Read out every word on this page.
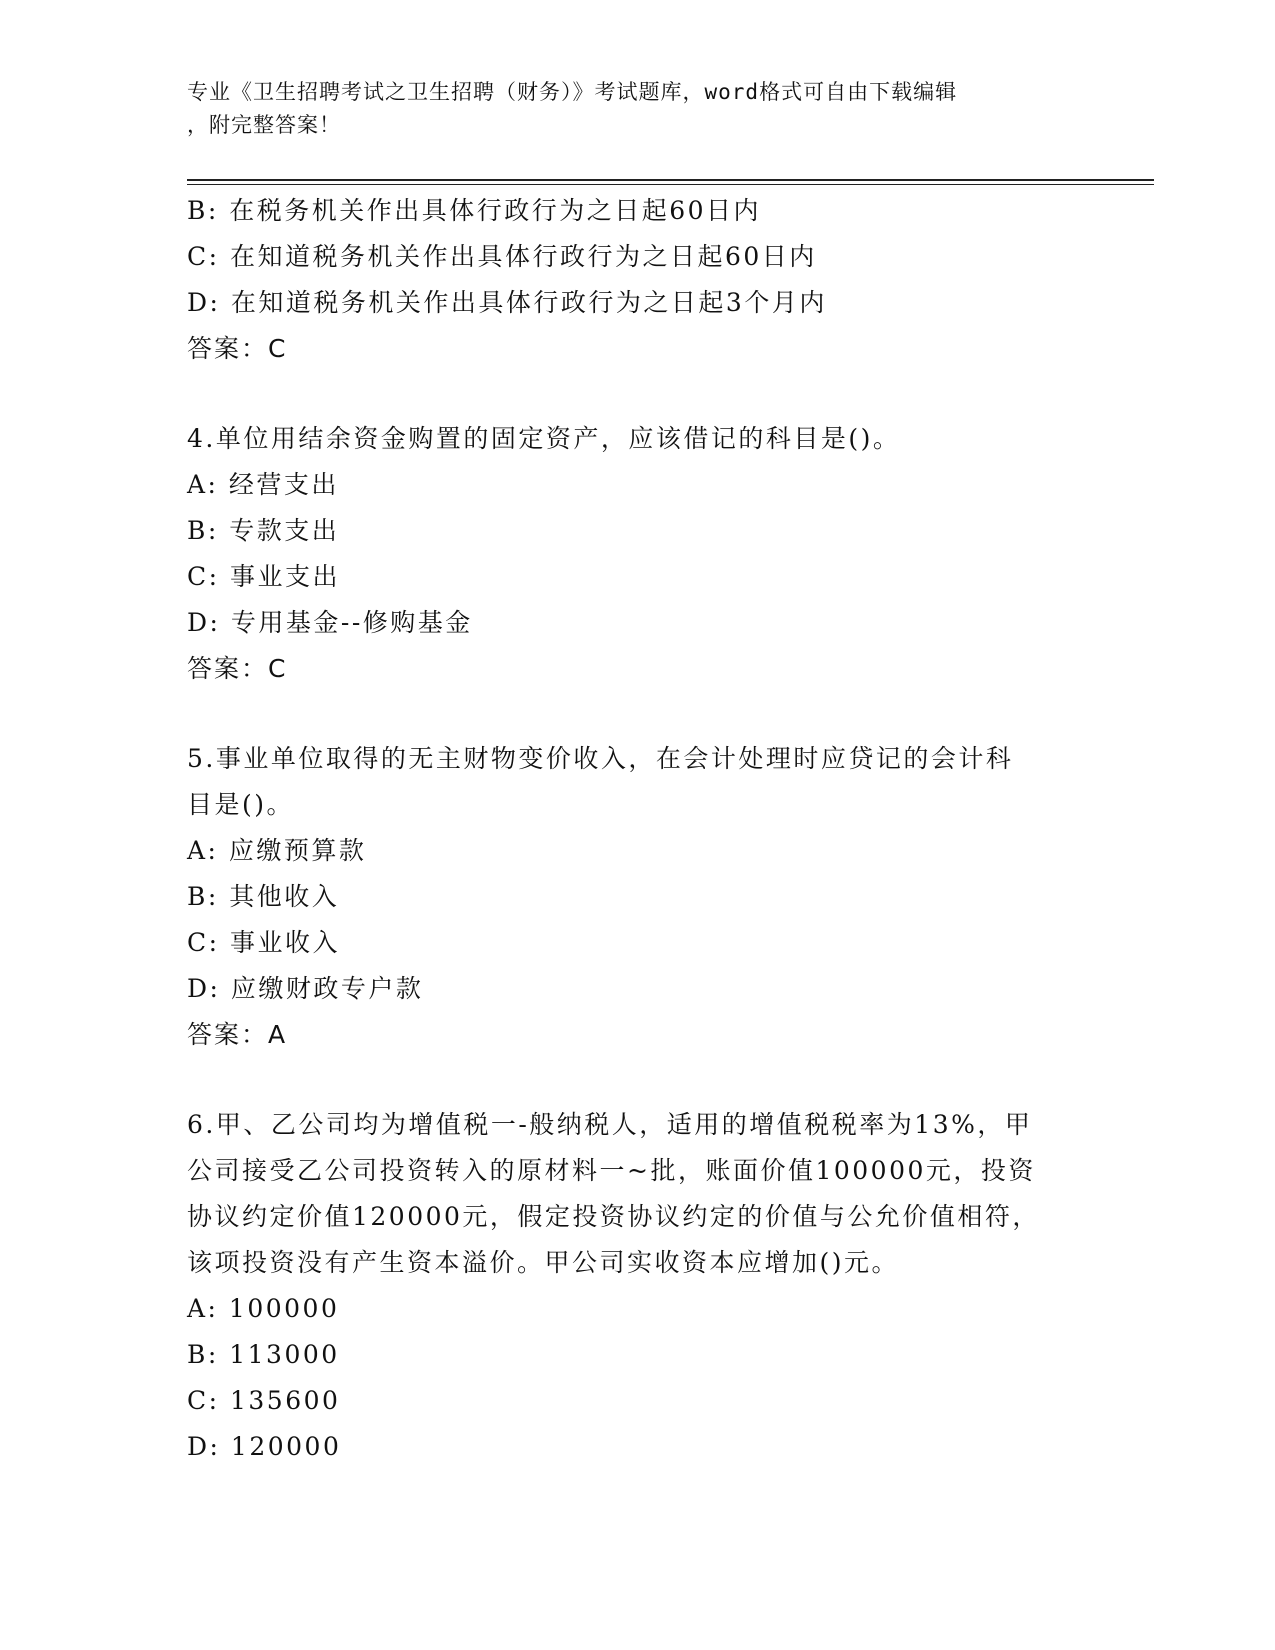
专业《卫生招聘考试之卫生招聘（财务）》考试题库，word格式可自由下载编辑
，附完整答案！
B: 在税务机关作出具体行政行为之日起60日内
C: 在知道税务机关作出具体行政行为之日起60日内
D: 在知道税务机关作出具体行政行为之日起3个月内
答案：C
4.单位用结余资金购置的固定资产，应该借记的科目是()。
A: 经营支出
B: 专款支出
C: 事业支出
D: 专用基金--修购基金
答案：C
5.事业单位取得的无主财物变价收入，在会计处理时应贷记的会计科
目是()。
A: 应缴预算款
B: 其他收入
C: 事业收入
D: 应缴财政专户款
答案：A
6.甲、乙公司均为增值税一-般纳税人，适用的增值税税率为13%，甲
公司接受乙公司投资转入的原材料一~批，账面价值100000元，投资
协议约定价值120000元，假定投资协议约定的价值与公允价值相符，
该项投资没有产生资本溢价。甲公司实收资本应增加()元。
A: 100000
B: 113000
C: 135600
D: 120000
